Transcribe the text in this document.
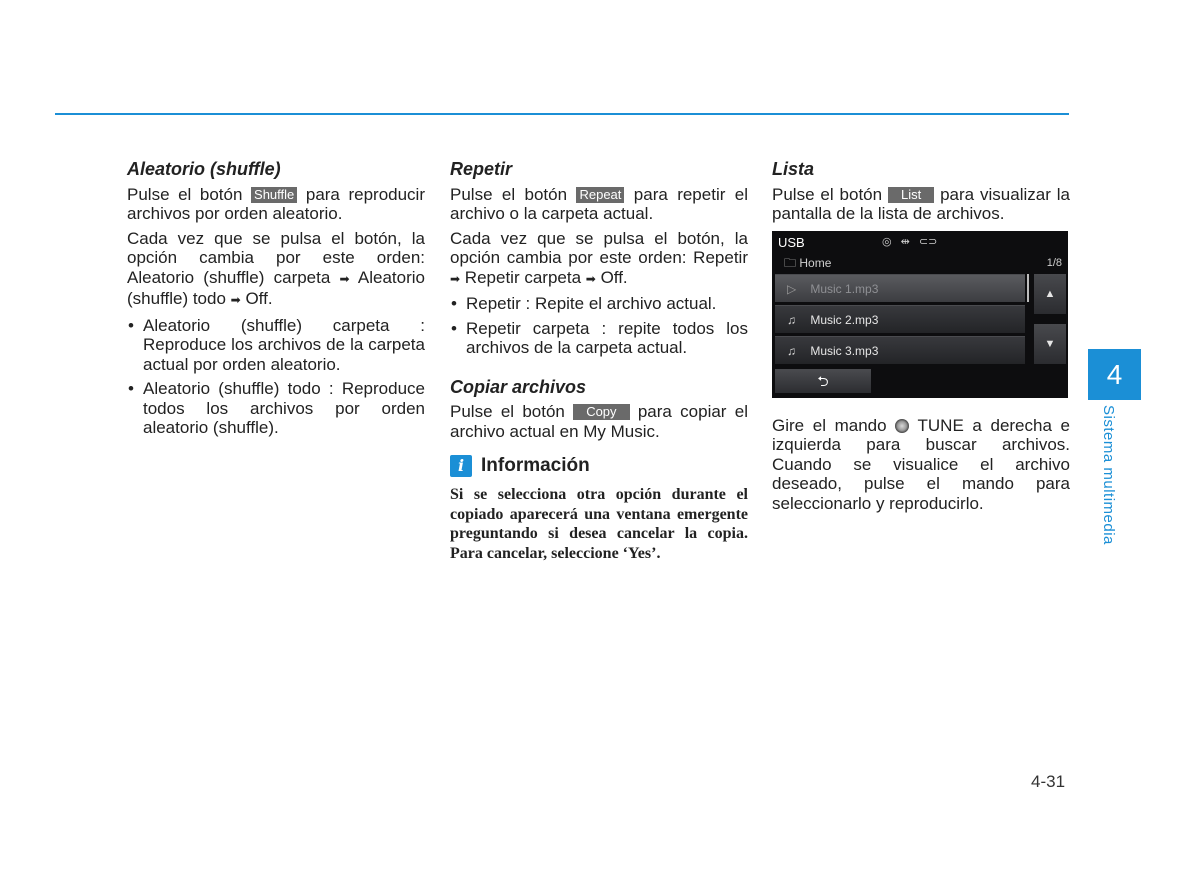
Aleatorio (shuffle)

Pulse el botón Shuffle para reproducir archivos por orden aleatorio.

Cada vez que se pulsa el botón, la opción cambia por este orden: Aleatorio (shuffle) carpeta ➡ Aleatorio (shuffle) todo ➡ Off.

• Aleatorio (shuffle) carpeta : Reproduce los archivos de la carpeta actual por orden aleatorio.
• Aleatorio (shuffle) todo : Reproduce todos los archivos por orden aleatorio (shuffle).
Repetir

Pulse el botón Repeat para repetir el archivo o la carpeta actual.

Cada vez que se pulsa el botón, la opción cambia por este orden: Repetir ➡ Repetir carpeta ➡ Off.

• Repetir : Repite el archivo actual.
• Repetir carpeta : repite todos los archivos de la carpeta actual.
Copiar archivos

Pulse el botón Copy para copiar el archivo actual en My Music.

i Información

Si se selecciona otra opción durante el copiado aparecerá una ventana emergente preguntando si desea cancelar la copia. Para cancelar, seleccione ‘Yes’.

Lista

Pulse el botón List para visualizar la pantalla de la lista de archivos.

USB	◎ ⇹ ⊂⊃
🗀 Home	1/8
▷ Music 1.mp3
♫ Music 2.mp3
♫ Music 3.mp3
▲
▼
⮌

Gire el mando TUNE a derecha e izquierda para buscar archivos. Cuando se visualice el archivo deseado, pulse el mando para seleccionarlo y reproducirlo.

4
Sistema multimedia
4-31
